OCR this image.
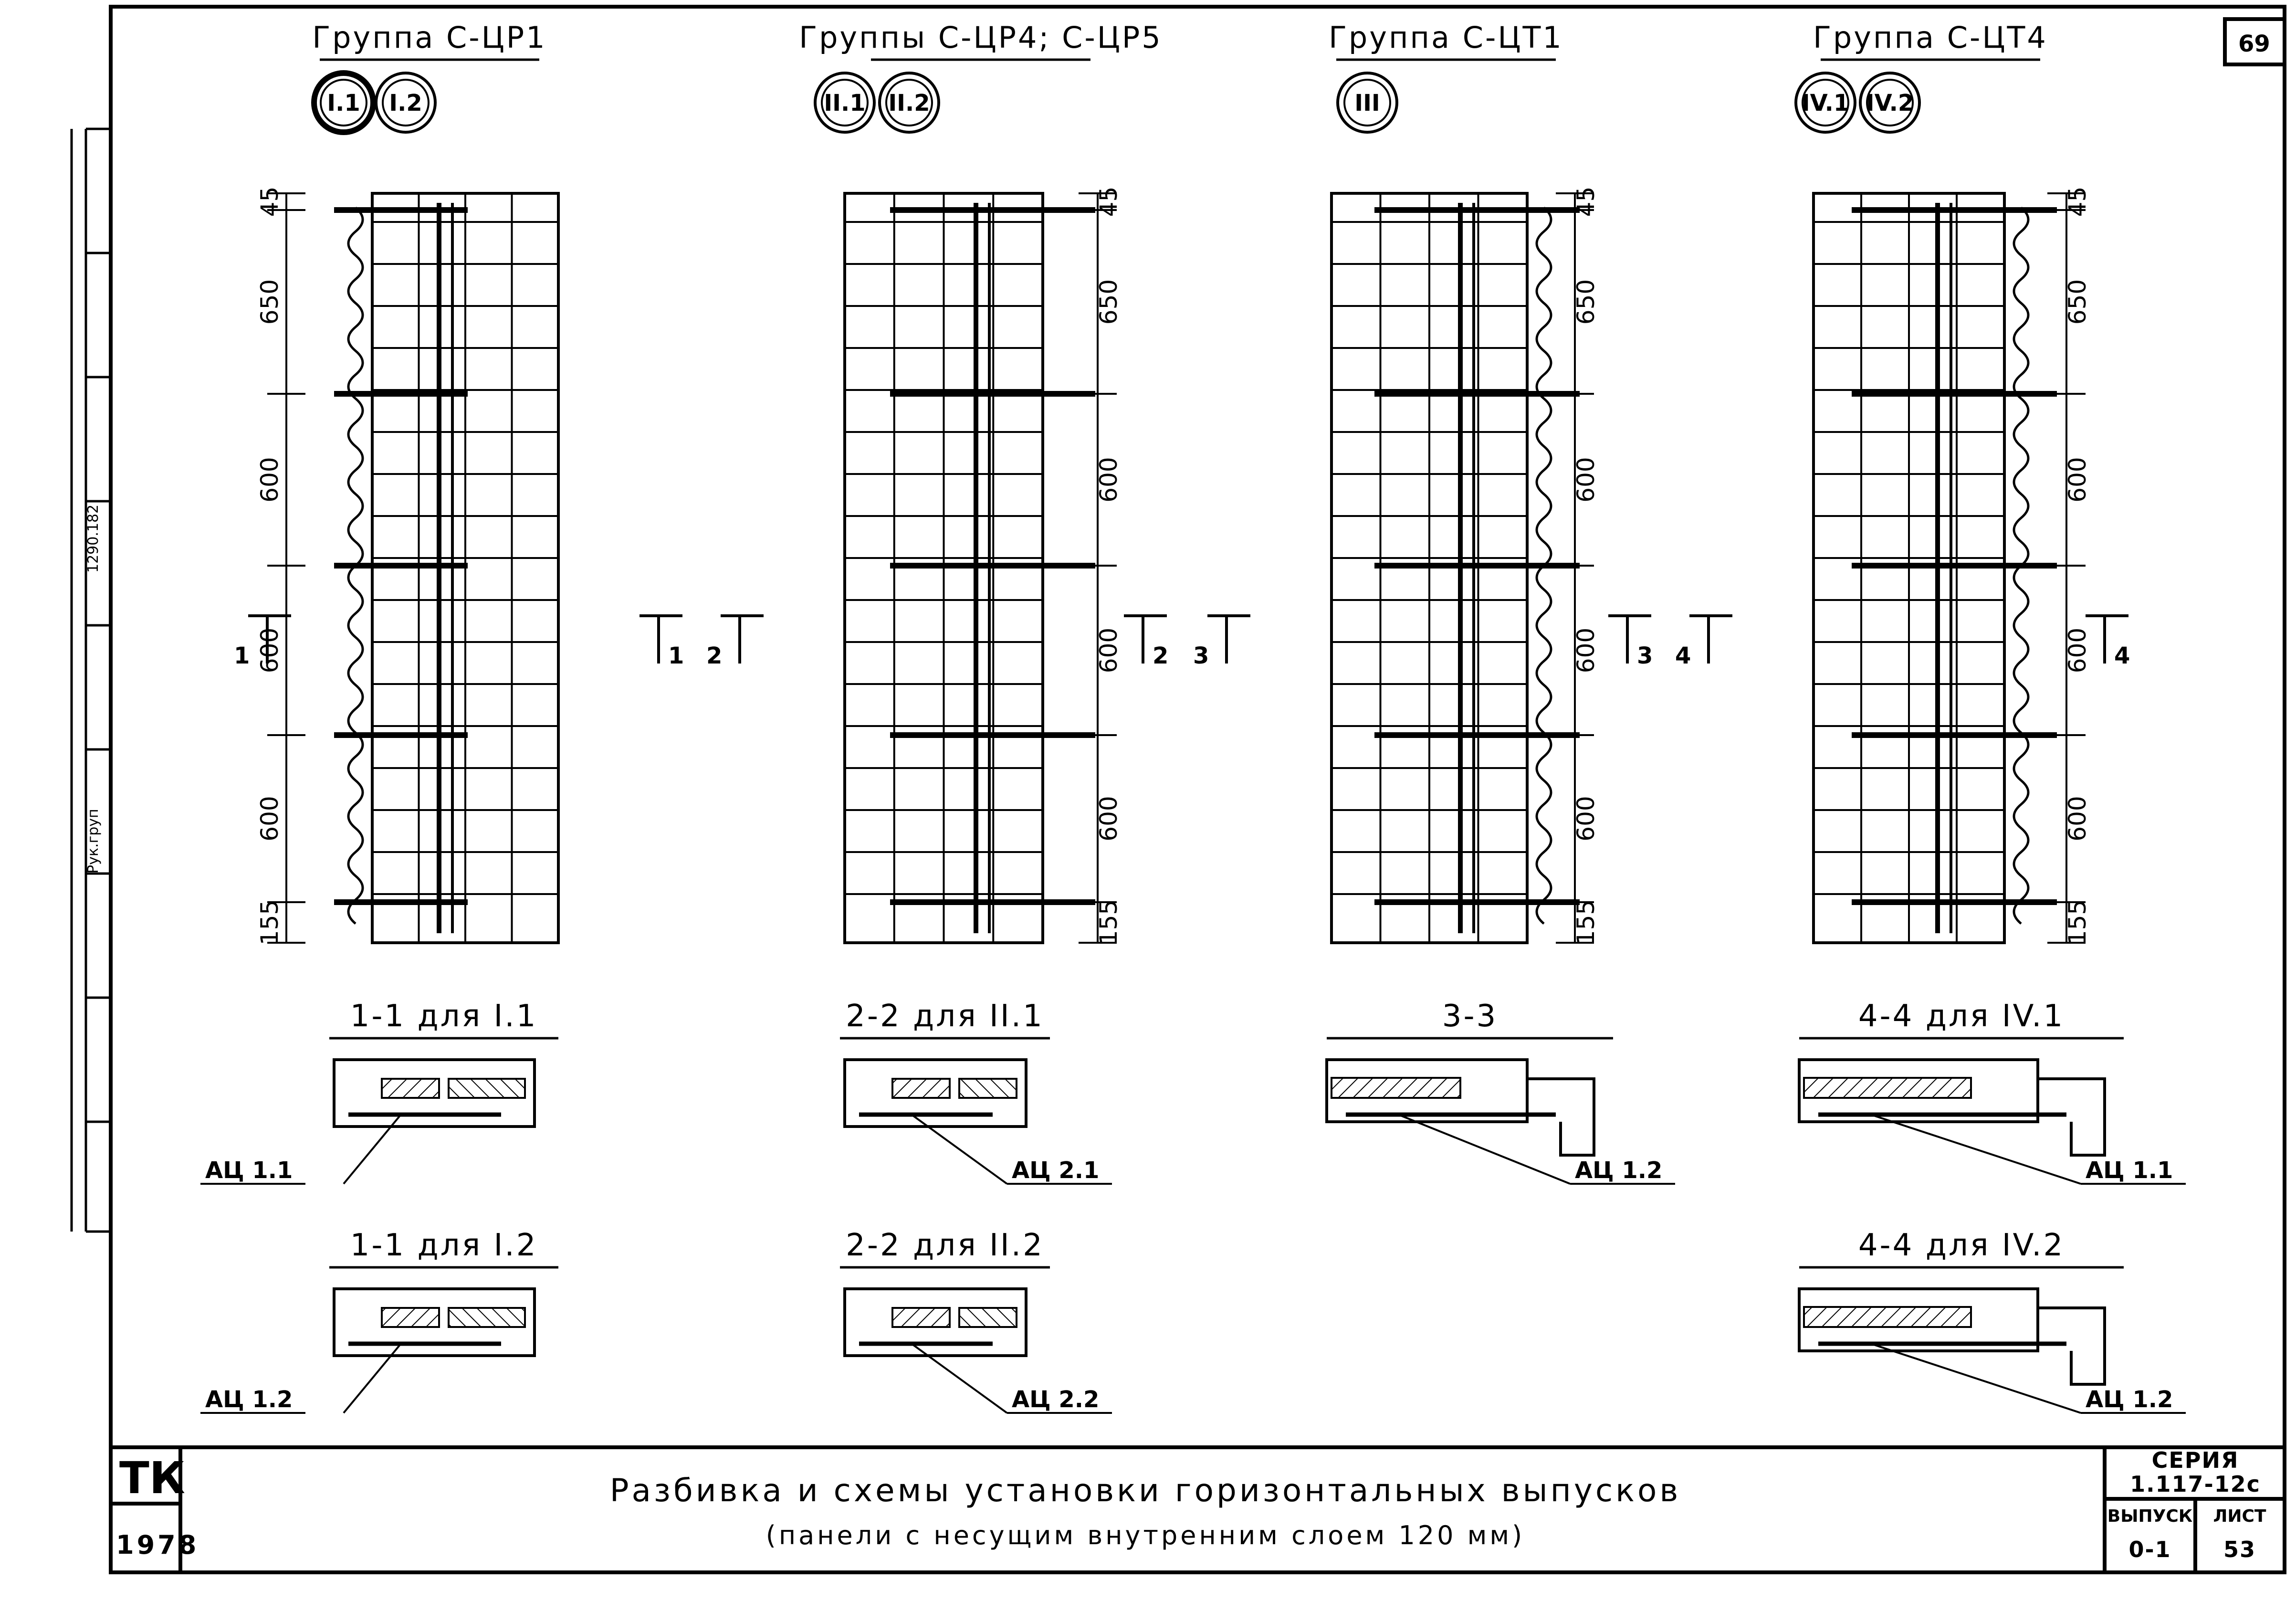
Рук.груп
1290.182
69
Группа С-ЦР1
I.1 I.2
45
650
600
600
600
155
1	1
1-1 для I.1
АЦ 1.1
1-1 для I.2
АЦ 1.2
Группы С-ЦР4; С-ЦР5
II.1 II.2
45
650
600
600
600
155
2	2
2-2 для II.1
АЦ 2.1
2-2 для II.2
АЦ 2.2
Группа С-ЦТ1
III
45
650
600
600
600
155
3	3
3-3
АЦ 1.2
Группа С-ЦТ4
IV.1 IV.2
45
650
600
600
600
155
4	4
4-4 для IV.1
АЦ 1.1
4-4 для IV.2
АЦ 1.2
ТК
1978
Разбивка и схемы установки горизонтальных выпусков
(панели с несущим внутренним слоем 120 мм)
СЕРИЯ
1.117-12с
ВЫПУСК
0-1
ЛИСТ
53
